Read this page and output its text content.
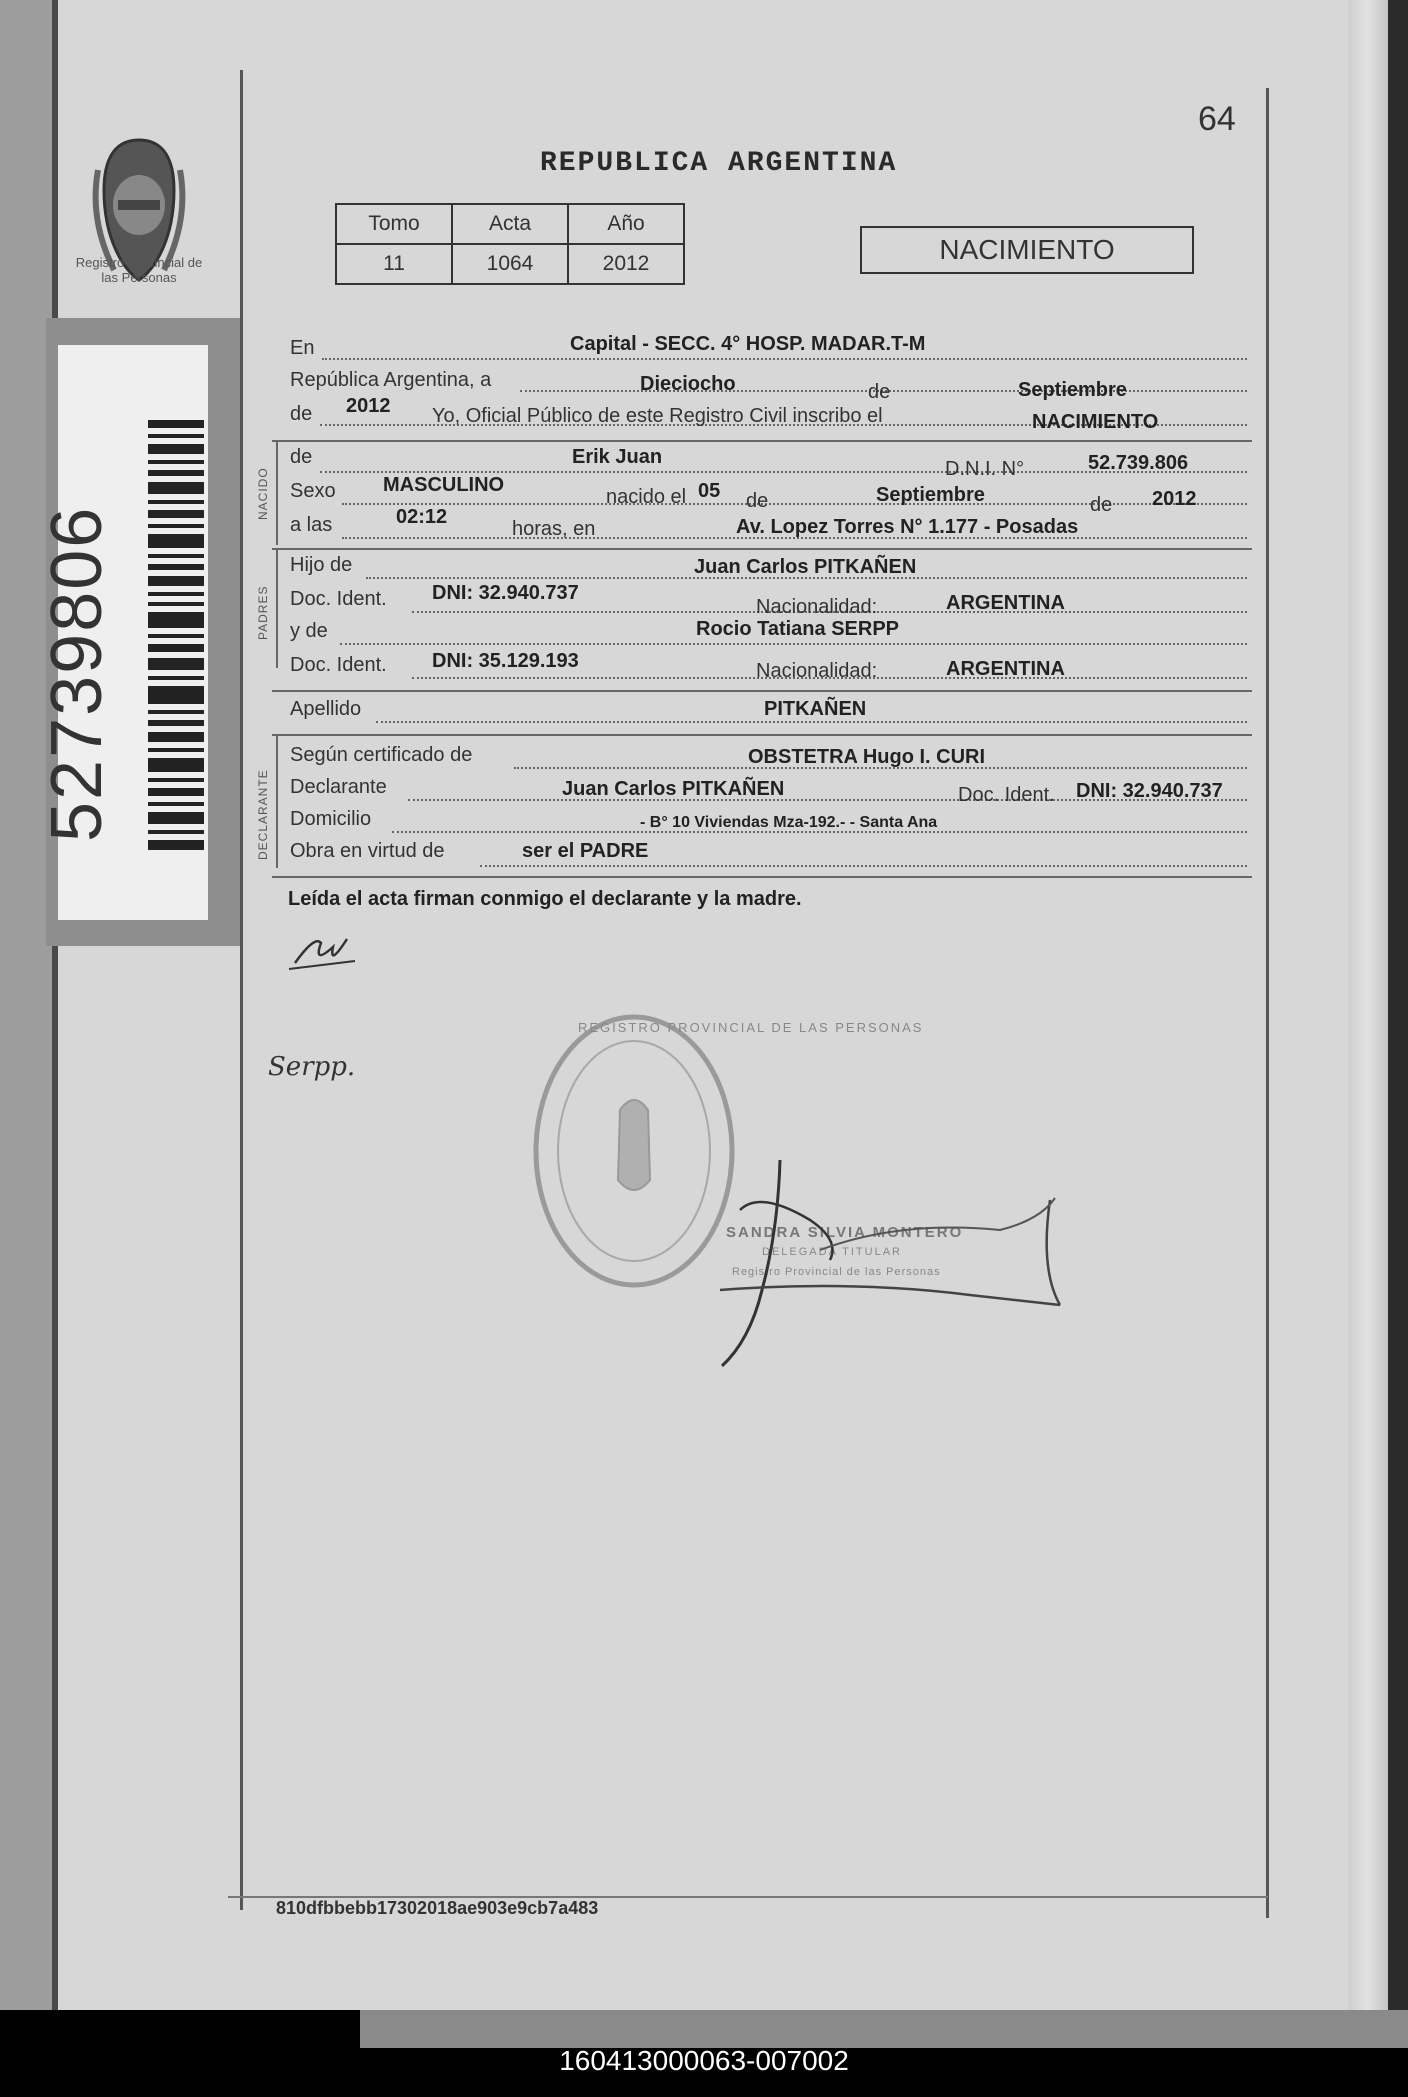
Registro Provincial de las Personas
52739806
64
REPUBLICA ARGENTINA
Tomo	Acta	Año
11	1064	2012	NACIMIENTO
En	Capital - SECC. 4° HOSP. MADAR.T-M
República Argentina, a	Dieciocho	de	Septiembre
de 2012 Yo, Oficial Público de este Registro Civil inscribo el	NACIMIENTO
NACIDO
de	Erik Juan
D.N.I. N°	52.739.806
Sexo MASCULINO
nacido el 05 de	Septiembre	de 2012
a las	02:12
horas, en	Av. Lopez Torres N° 1.177 - Posadas
PADRES
Hijo de	Juan Carlos PITKAÑEN
Doc. Ident. DNI: 32.940.737
Nacionalidad:	ARGENTINA
y de	Rocio Tatiana SERPP
Doc. Ident. DNI: 35.129.193	Nacionalidad:	ARGENTINA
Apellido	PITKAÑEN
DECLARANTE
Según certificado de	OBSTETRA Hugo I. CURI
Declarante	Juan Carlos PITKAÑEN	Doc. Ident. DNI: 32.940.737
Domicilio	- B° 10 Viviendas Mza-192.- - Santa Ana
Obra en virtud de	ser el PADRE
Leída el acta firman conmigo el declarante y la madre.
Serpp.
REGISTRO PROVINCIAL DE LAS PERSONAS
SANDRA SILVIA MONTERO
DELEGADA TITULAR
Registro Provincial de las Personas
810dfbbebb17302018ae903e9cb7a483
160413000063-007002
